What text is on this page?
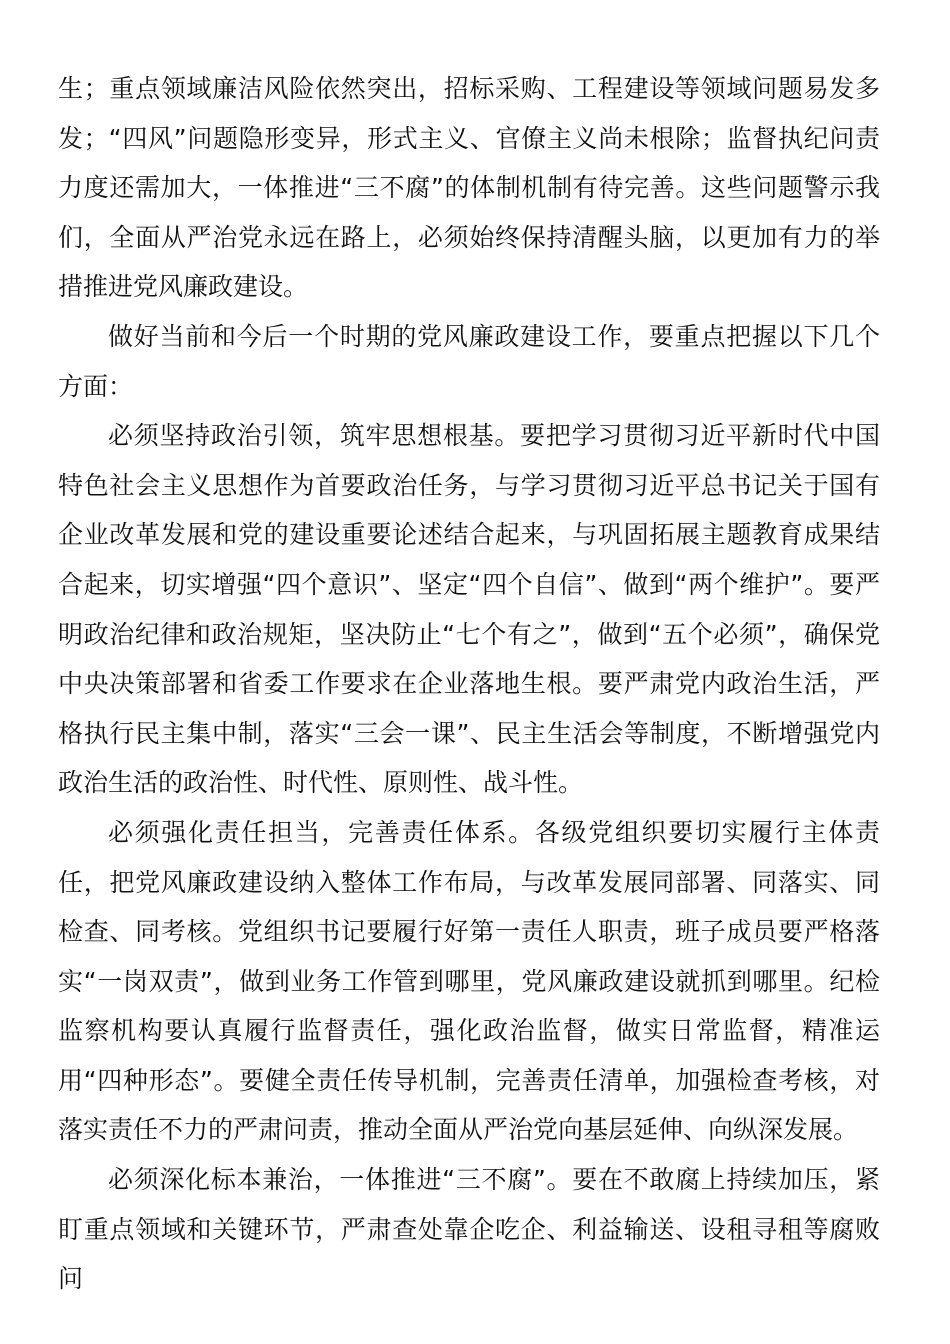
生；重点领域廉洁风险依然突出，招标采购、工程建设等领域问题易发多发；“四风”问题隐形变异，形式主义、官僚主义尚未根除；监督执纪问责力度还需加大，一体推进“三不腐”的体制机制有待完善。这些问题警示我们，全面从严治党永远在路上，必须始终保持清醒头脑，以更加有力的举措推进党风廉政建设。

做好当前和今后一个时期的党风廉政建设工作，要重点把握以下几个方面：

必须坚持政治引领，筑牢思想根基。要把学习贯彻习近平新时代中国特色社会主义思想作为首要政治任务，与学习贯彻习近平总书记关于国有企业改革发展和党的建设重要论述结合起来，与巩固拓展主题教育成果结合起来，切实增强“四个意识”、坚定“四个自信”、做到“两个维护”。要严明政治纪律和政治规矩，坚决防止“七个有之”，做到“五个必须”，确保党中央决策部署和省委工作要求在企业落地生根。要严肃党内政治生活，严格执行民主集中制，落实“三会一课”、民主生活会等制度，不断增强党内政治生活的政治性、时代性、原则性、战斗性。

必须强化责任担当，完善责任体系。各级党组织要切实履行主体责任，把党风廉政建设纳入整体工作布局，与改革发展同部署、同落实、同检查、同考核。党组织书记要履行好第一责任人职责，班子成员要严格落实“一岗双责”，做到业务工作管到哪里，党风廉政建设就抓到哪里。纪检监察机构要认真履行监督责任，强化政治监督，做实日常监督，精准运用“四种形态”。要健全责任传导机制，完善责任清单，加强检查考核，对落实责任不力的严肃问责，推动全面从严治党向基层延伸、向纵深发展。

必须深化标本兼治，一体推进“三不腐”。要在不敢腐上持续加压，紧盯重点领域和关键环节，严肃查处靠企吃企、利益输送、设租寻租等腐败问
